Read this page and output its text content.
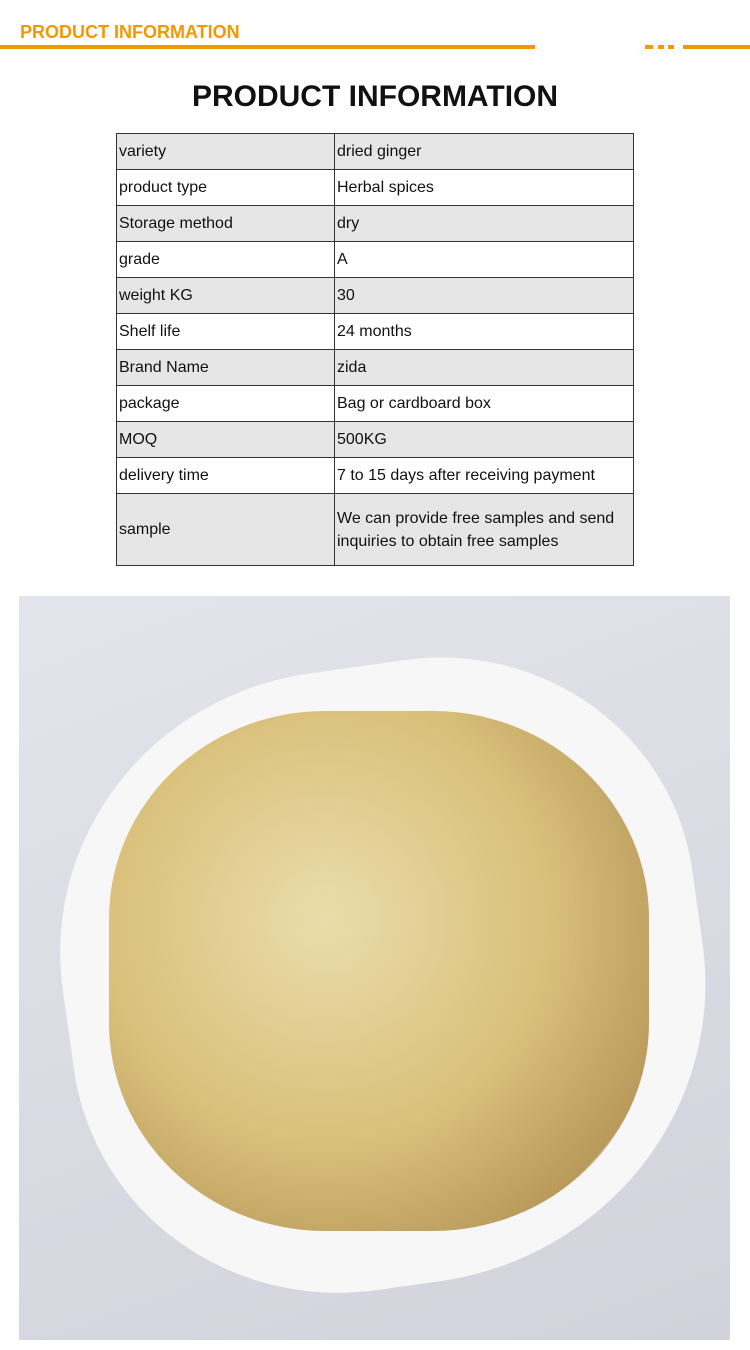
PRODUCT INFORMATION
PRODUCT INFORMATION
variety	dried ginger
product type	Herbal spices
Storage method	dry
grade	A
weight KG	30
Shelf life	24 months
Brand Name	zida
package	Bag or cardboard box
MOQ	500KG
delivery time	7 to 15 days after receiving payment
sample	We can provide free samples and send inquiries to obtain free samples
